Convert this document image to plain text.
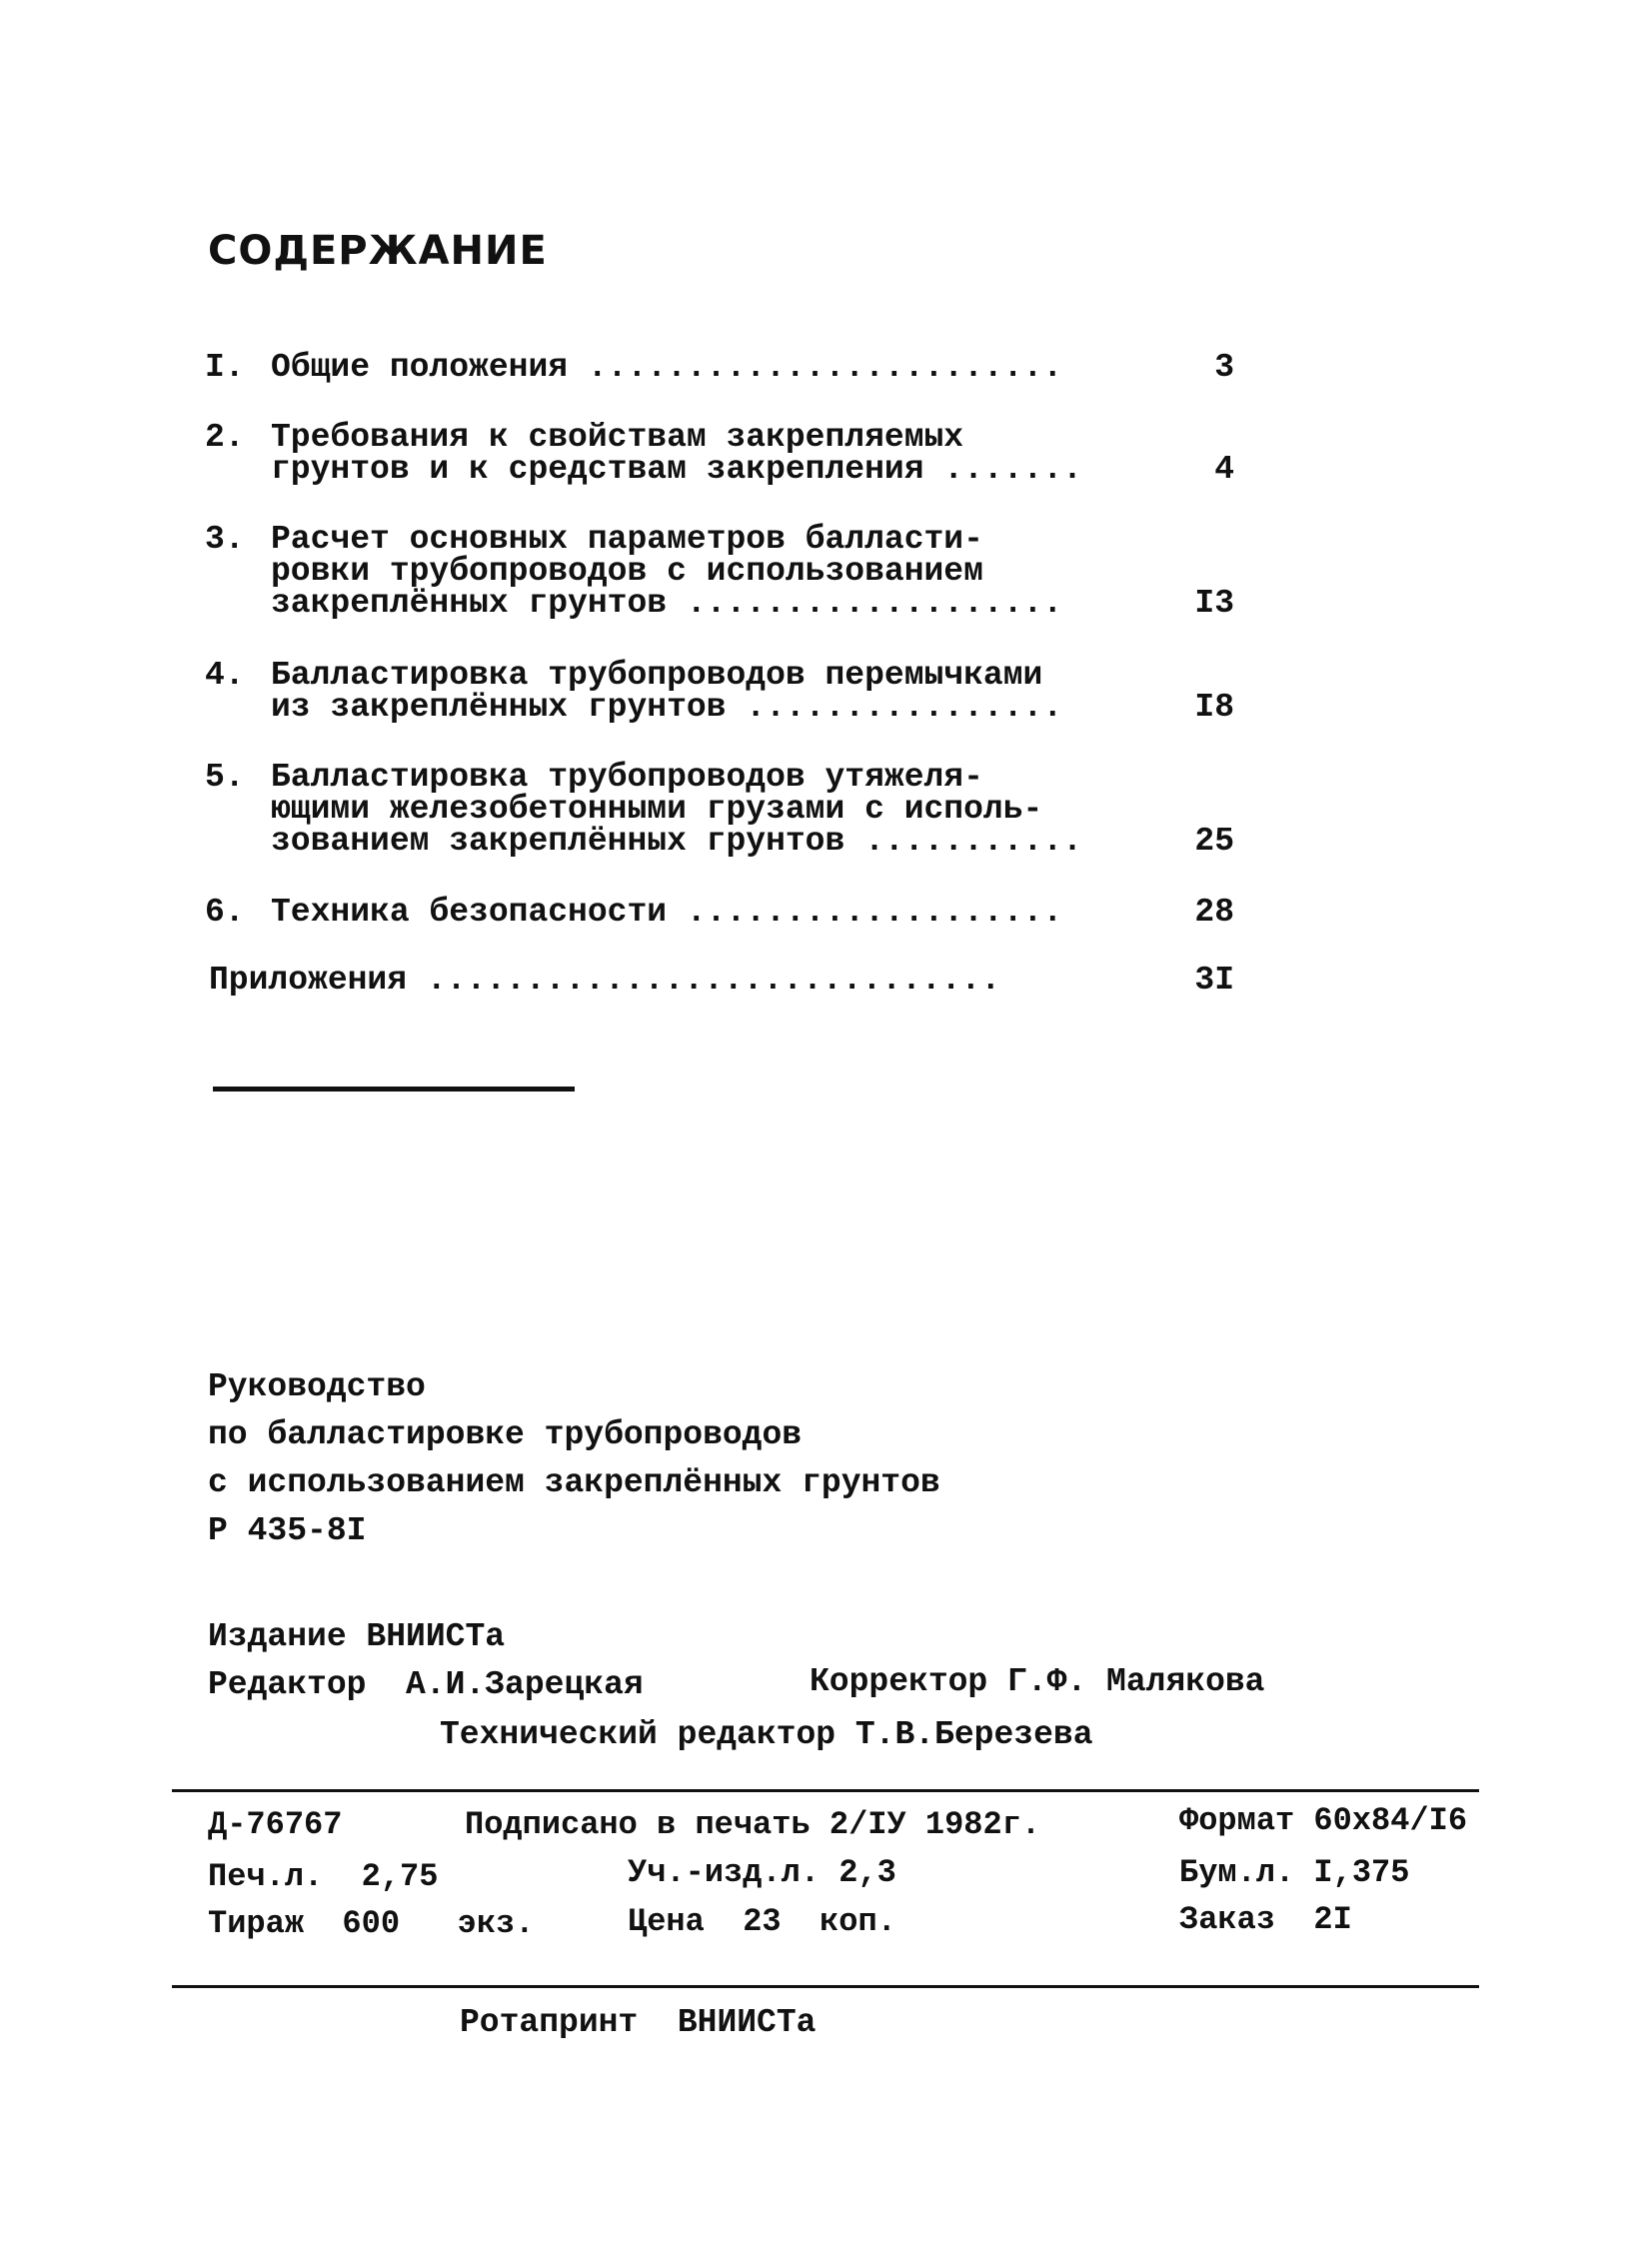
СОДЕРЖАНИЕ
I. Общие положения ........................	3
2. Требования к свойствам закрепляемых
грунтов и к средствам закрепления .......	4
3. Расчет основных параметров балласти-
ровки трубопроводов с использованием
закреплённых грунтов ...................	I3
4. Балластировка трубопроводов перемычками
из закреплённых грунтов ................	I8
5. Балластировка трубопроводов утяжеля-
ющими железобетонными грузами с исполь-
зованием закреплённых грунтов ...........	25
6. Техника безопасности ...................	28
Приложения .............................	3I
Руководство
по балластировке трубопроводов
с использованием закреплённых грунтов
Р 435-8I
Издание ВНИИСТа
Редактор  А.И.Зарецкая	Корректор Г.Ф. Малякова
Технический редактор Т.В.Березева
Д-76767	Подписано в печать 2/IУ 1982г.	Формат 60х84/I6
Печ.л.  2,75	Уч.-изд.л. 2,3	Бум.л. I,375
Тираж  600   экз.	Цена  23  коп.	Заказ  2I
Ротапринт  ВНИИСТа
